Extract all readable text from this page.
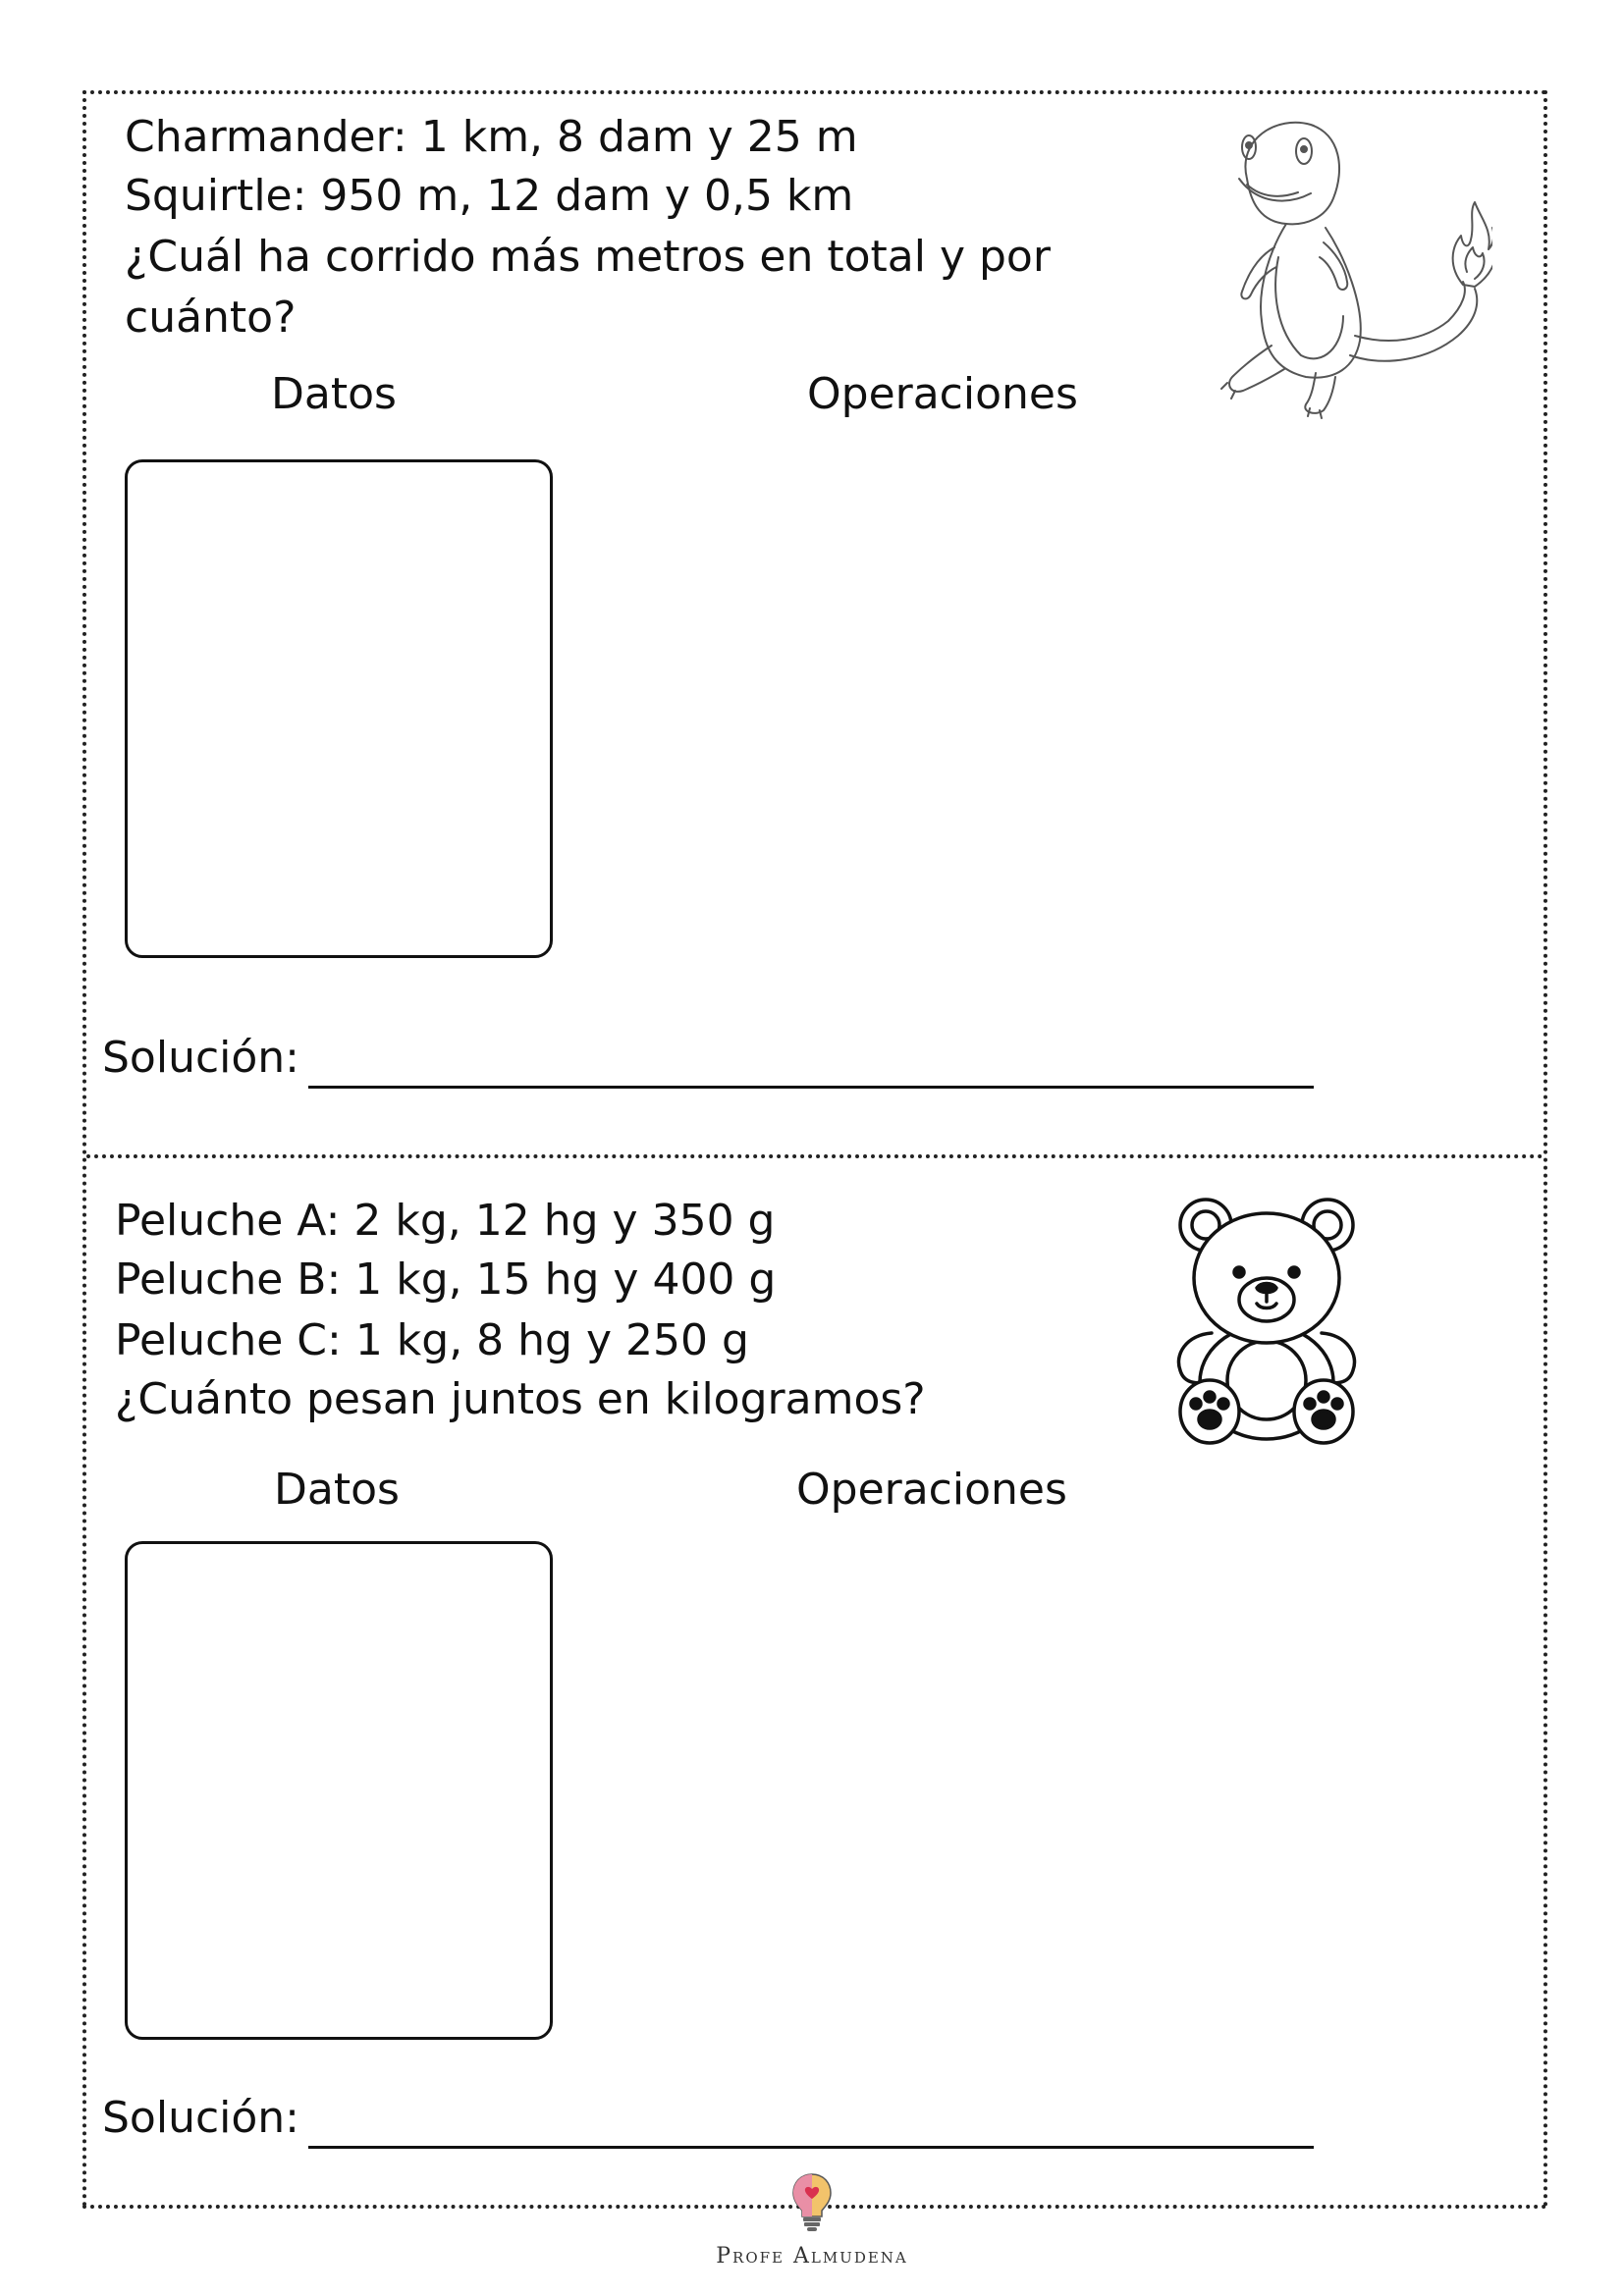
Charmander: 1 km, 8 dam y 25 m
Squirtle: 950 m, 12 dam y 0,5 km
¿Cuál ha corrido más metros en total y por
cuánto?
Datos	Operaciones
Solución:
Peluche A: 2 kg, 12 hg y 350 g
Peluche B: 1 kg, 15 hg y 400 g
Peluche C: 1 kg, 8 hg y 250 g
¿Cuánto pesan juntos en kilogramos?
Datos	Operaciones
Solución:
Profe Almudena
